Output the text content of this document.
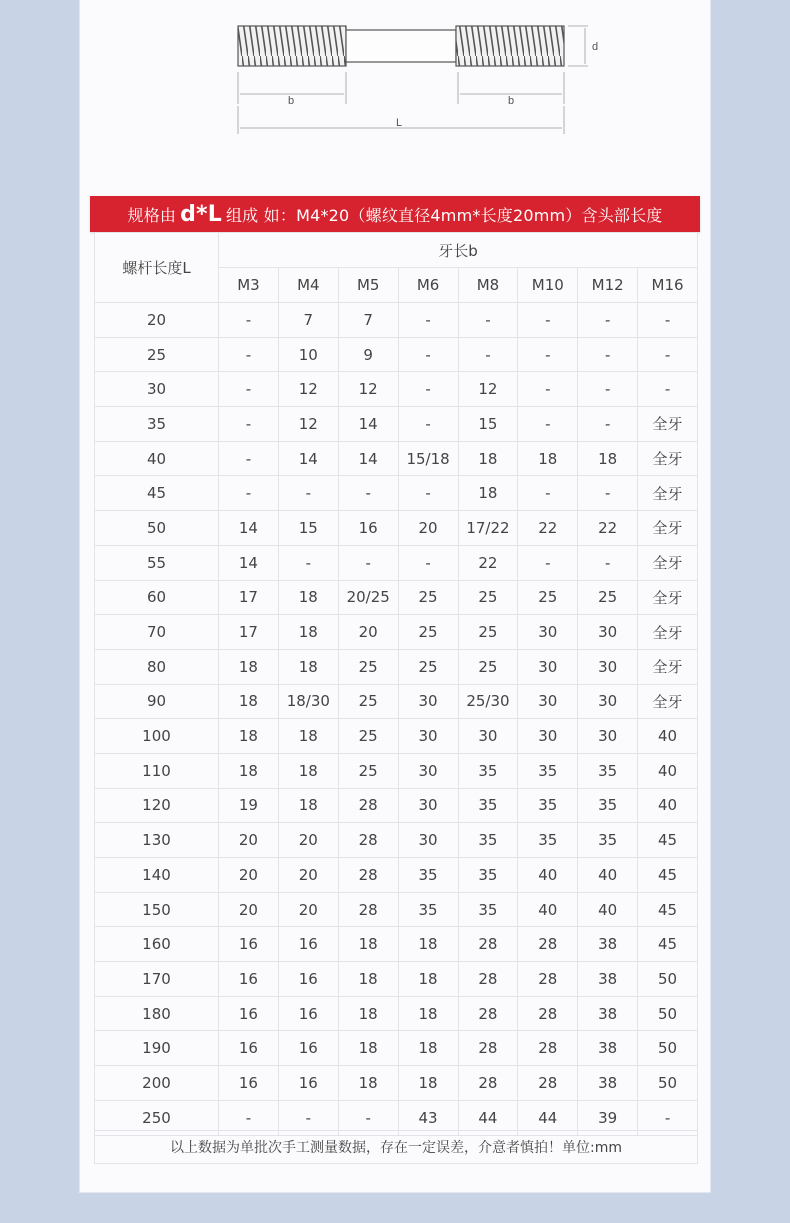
d
b	b
L
规格由 d*L 组成 如：M4*20（螺纹直径4mm*长度20mm）含头部长度
螺杆长度L	牙长b							
	M3	M4	M5	M6	M8	M10	M12	M16
20	-	7	7	-	-	-	-	-
25	-	10	9	-	-	-	-	-
30	-	12	12	-	12	-	-	-
35	-	12	14	-	15	-	-	全牙
40	-	14	14	15/18	18	18	18	全牙
45	-	-	-	-	18	-	-	全牙
50	14	15	16	20	17/22	22	22	全牙
55	14	-	-	-	22	-	-	全牙
60	17	18	20/25	25	25	25	25	全牙
70	17	18	20	25	25	30	30	全牙
80	18	18	25	25	25	30	30	全牙
90	18	18/30	25	30	25/30	30	30	全牙
100	18	18	25	30	30	30	30	40
110	18	18	25	30	35	35	35	40
120	19	18	28	30	35	35	35	40
130	20	20	28	30	35	35	35	45
140	20	20	28	35	35	40	40	45
150	20	20	28	35	35	40	40	45
160	16	16	18	18	28	28	38	45
170	16	16	18	18	28	28	38	50
180	16	16	18	18	28	28	38	50
190	16	16	18	18	28	28	38	50
200	16	16	18	18	28	28	38	50
250	-	-	-	43	44	44	39	-
以上数据为单批次手工测量数据，存在一定误差，介意者慎拍！单位:mm
